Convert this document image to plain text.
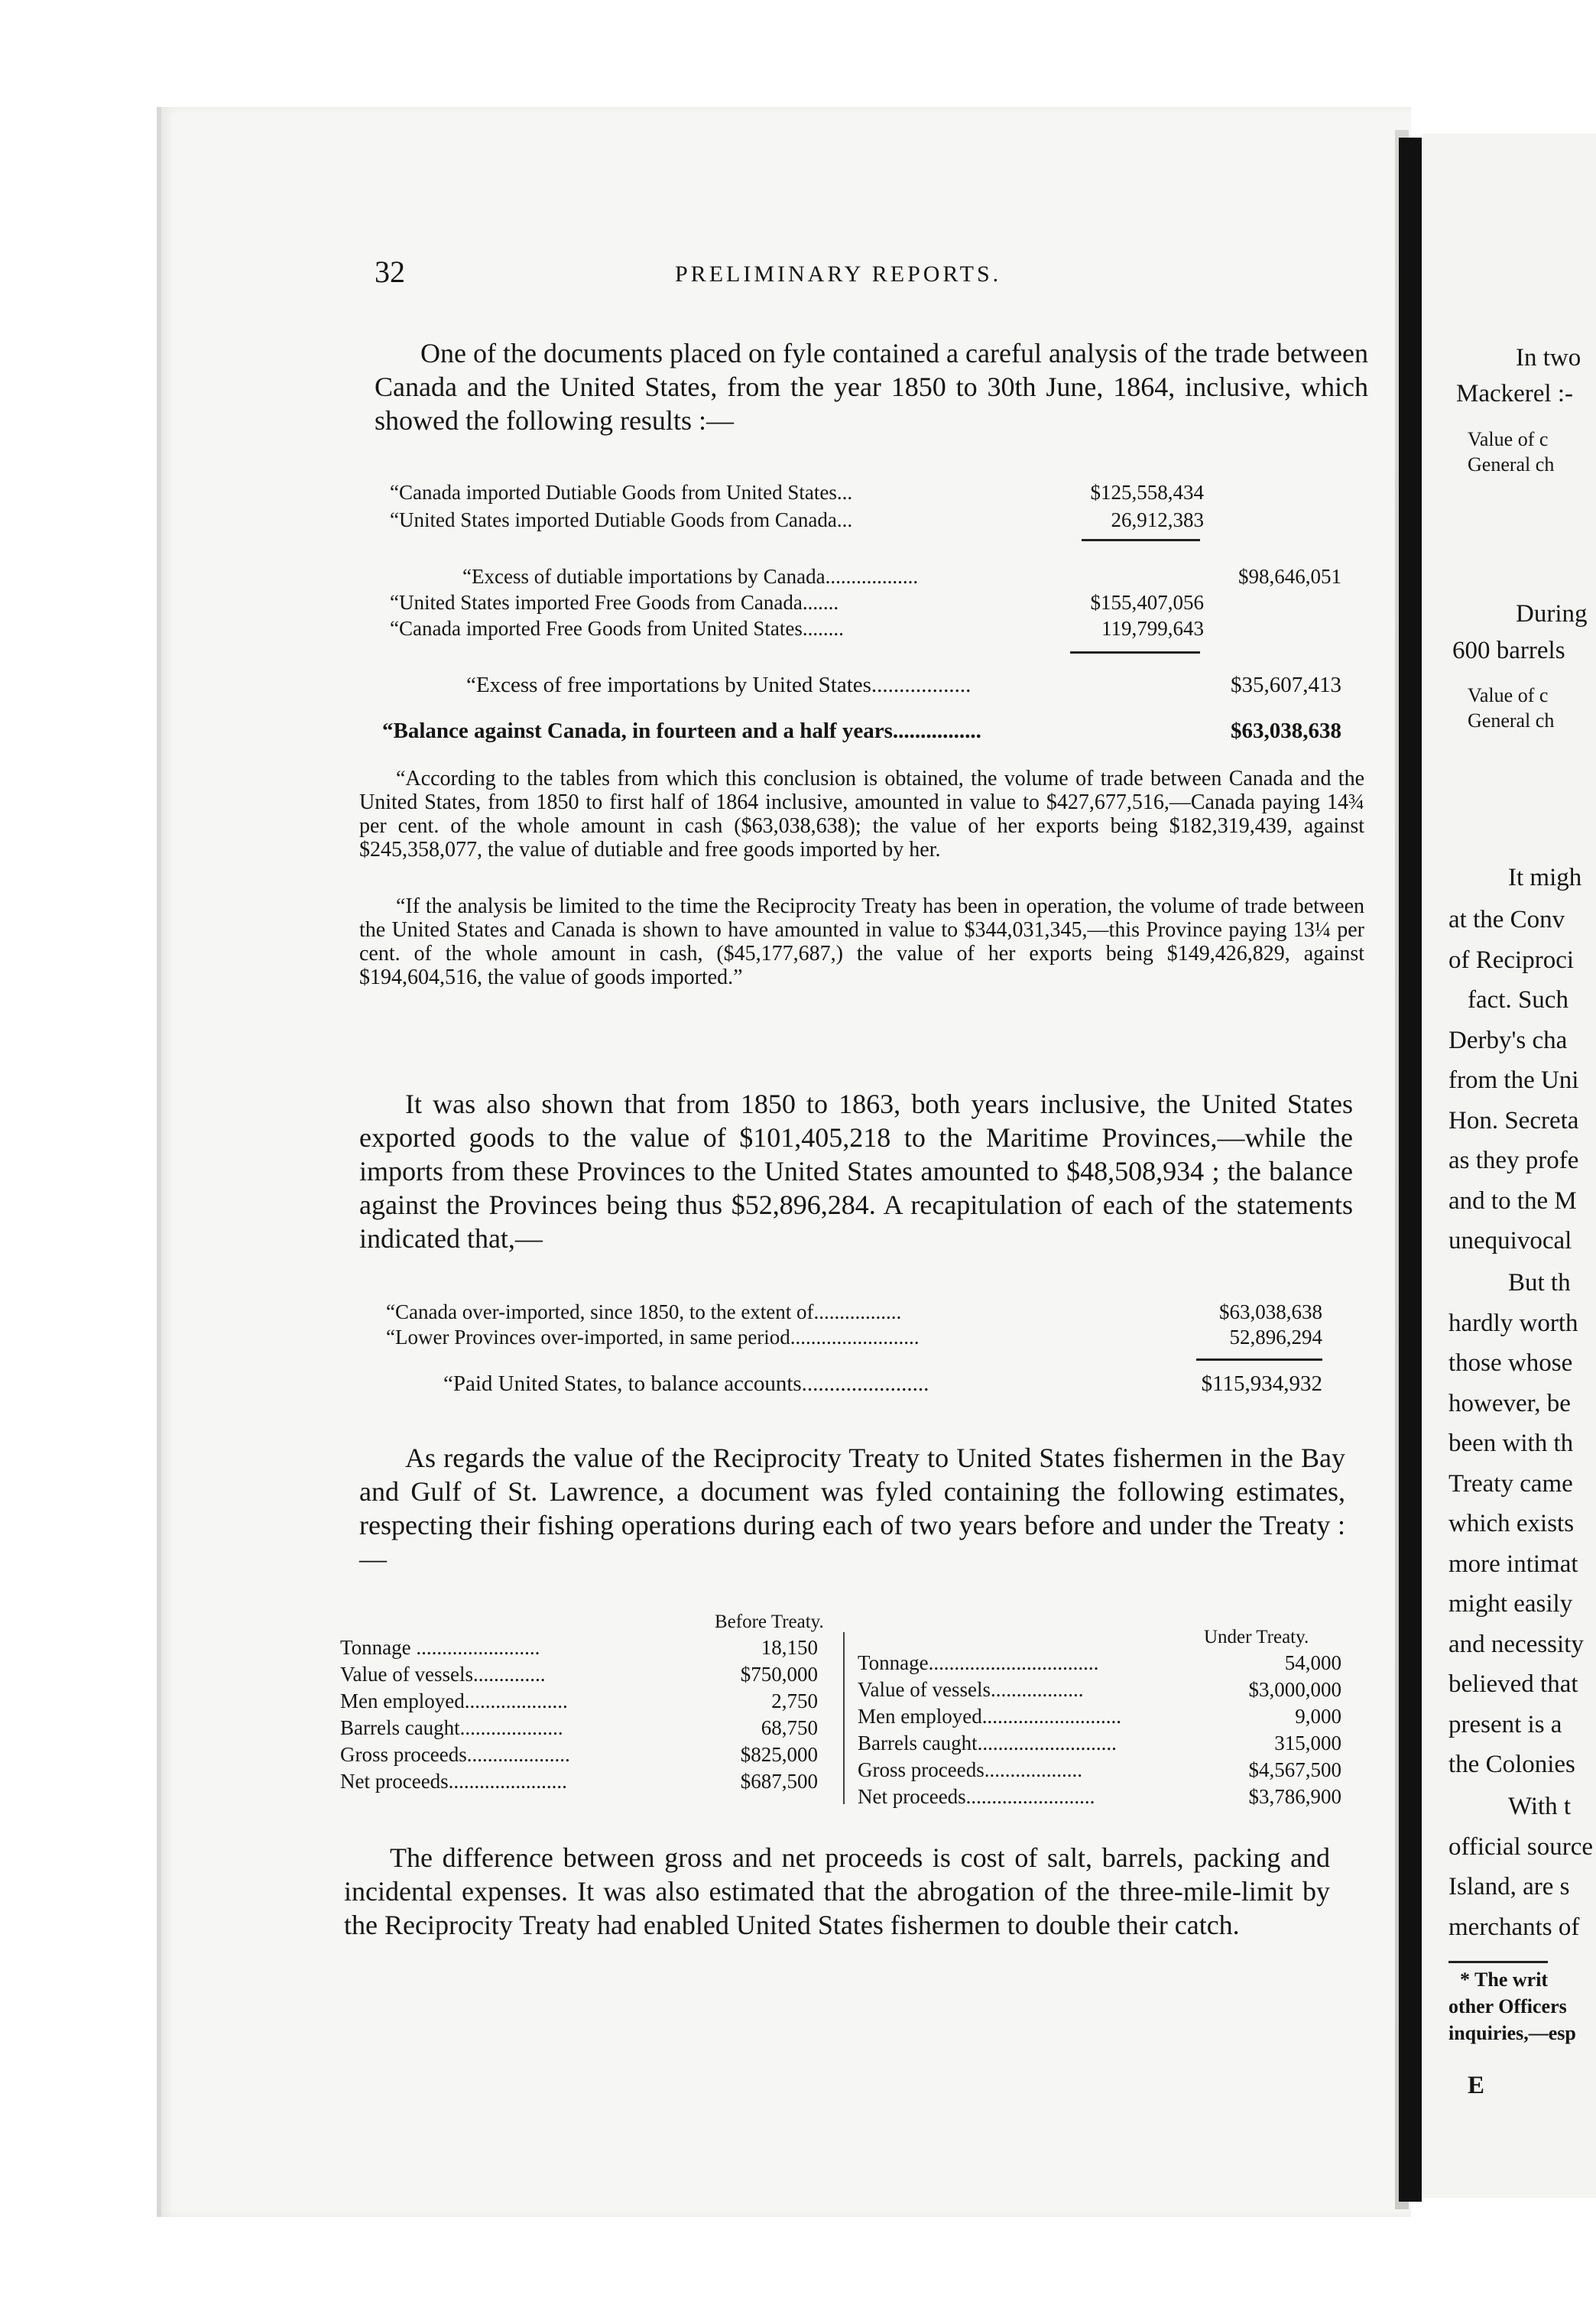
32	PRELIMINARY REPORTS.

One of the documents placed on fyle contained a careful analysis of the trade between Canada and the United States, from the year 1850 to 30th June, 1864, inclusive, which showed the following results :—

“Canada imported Dutiable Goods from United States...	$125,558,434
“United States imported Dutiable Goods from Canada...	26,912,383
“Excess of dutiable importations by Canada..................	$98,646,051
“United States imported Free Goods from Canada.......	$155,407,056
“Canada imported Free Goods from United States........	119,799,643
“Excess of free importations by United States..................	$35,607,413
“Balance against Canada, in fourteen and a half years................	$63,038,638

“According to the tables from which this conclusion is obtained, the volume of trade between Canada and the United States, from 1850 to first half of 1864 inclusive, amounted in value to $427,677,516,—Canada paying 14¾ per cent. of the whole amount in cash ($63,038,638); the value of her exports being $182,319,439, against $245,358,077, the value of dutiable and free goods imported by her.

“If the analysis be limited to the time the Reciprocity Treaty has been in operation, the volume of trade between the United States and Canada is shown to have amounted in value to $344,031,345,—this Province paying 13¼ per cent. of the whole amount in cash, ($45,177,687,) the value of her exports being $149,426,829, against $194,604,516, the value of goods imported.”

It was also shown that from 1850 to 1863, both years inclusive, the United States exported goods to the value of $101,405,218 to the Maritime Provinces,—while the imports from these Provinces to the United States amounted to $48,508,934 ; the balance against the Provinces being thus $52,896,284. A recapitulation of each of the statements indicated that,—

“Canada over-imported, since 1850, to the extent of.................	$63,038,638
“Lower Provinces over-imported, in same period.........................	52,896,294
“Paid United States, to balance accounts.......................	$115,934,932

As regards the value of the Reciprocity Treaty to United States fishermen in the Bay and Gulf of St. Lawrence, a document was fyled containing the following estimates, respecting their fishing operations during each of two years before and under the Treaty :—

Before Treaty.
Under Treaty.
Tonnage ........................	18,150
Value of vessels..............	$750,000
Men employed....................	2,750
Barrels caught....................	68,750
Gross proceeds....................	$825,000
Net proceeds.......................	$687,500
Tonnage.................................	54,000
Value of vessels..................	$3,000,000
Men employed...........................	9,000
Barrels caught...........................	315,000
Gross proceeds...................	$4,567,500
Net proceeds.........................	$3,786,900

The difference between gross and net proceeds is cost of salt, barrels, packing and incidental expenses. It was also estimated that the abrogation of the three-mile-limit by the Reciprocity Treaty had enabled United States fishermen to double their catch.

In two
Mackerel :-
Value of c
General ch
During
600 barrels
Value of c
General ch
It migh
at the Conv
of Reciproci
fact. Such
Derby's cha
from the Uni
Hon. Secreta
as they profe
and to the M
unequivocal
But th
hardly worth
those whose
however, be
been with th
Treaty came
which exists
more intimat
might easily
and necessity
believed that
present is a
the Colonies
With t
official source
Island, are s
merchants of
* The writ
other Officers
inquiries,—esp
E
